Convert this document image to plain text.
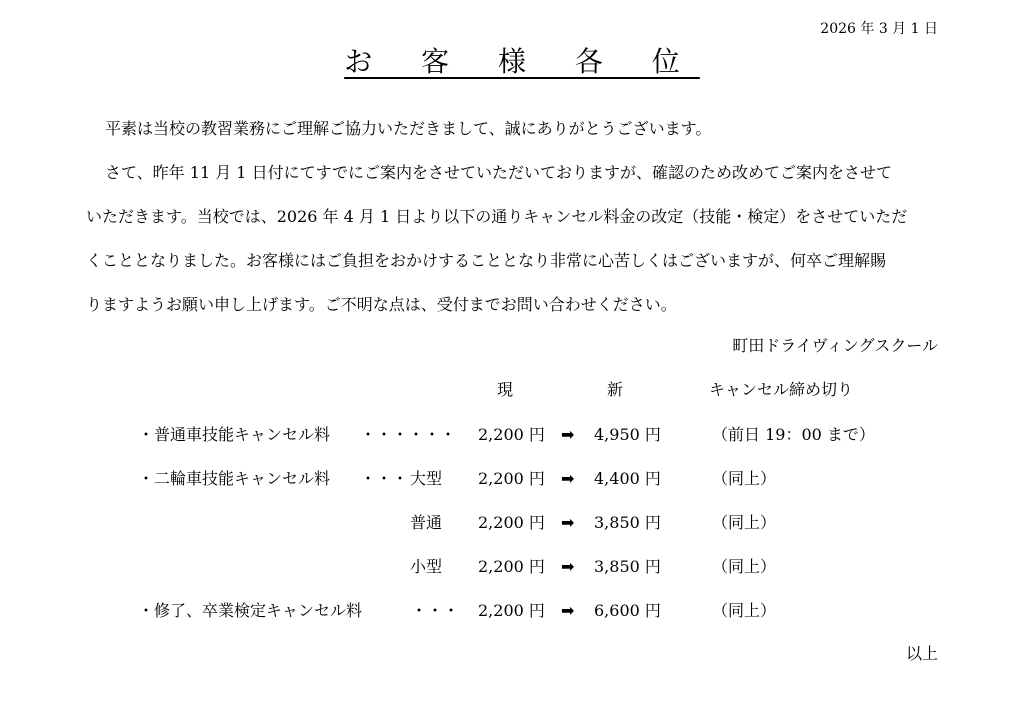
2026 年 3 月 1 日
お 客 様 各 位
平素は当校の教習業務にご理解ご協力いただきまして、誠にありがとうございます。
さて、昨年 11 月 1 日付にてすでにご案内をさせていただいておりますが、確認のため改めてご案内をさせて
いただきます。当校では、2026 年 4 月 1 日より以下の通りキャンセル料金の改定（技能・検定）をさせていただ
くこととなりました。お客様にはご負担をおかけすることとなり非常に心苦しくはございますが、何卒ご理解賜
りますようお願い申し上げます。ご不明な点は、受付までお問い合わせください。
町田ドライヴィングスクール
現	新	キャンセル締め切り
・普通車技能キャンセル料 ・・・・・・ 2,200 円 ➡ 4,950 円	（前日 19：00 まで）
・二輪車技能キャンセル料 ・・・ 大型 2,200 円 ➡ 4,400 円	（同上）
普通 2,200 円 ➡ 3,850 円	（同上）
小型 2,200 円 ➡ 3,850 円	（同上）
・修了、卒業検定キャンセル料	・・・ 2,200 円 ➡ 6,600 円	（同上）
以上
